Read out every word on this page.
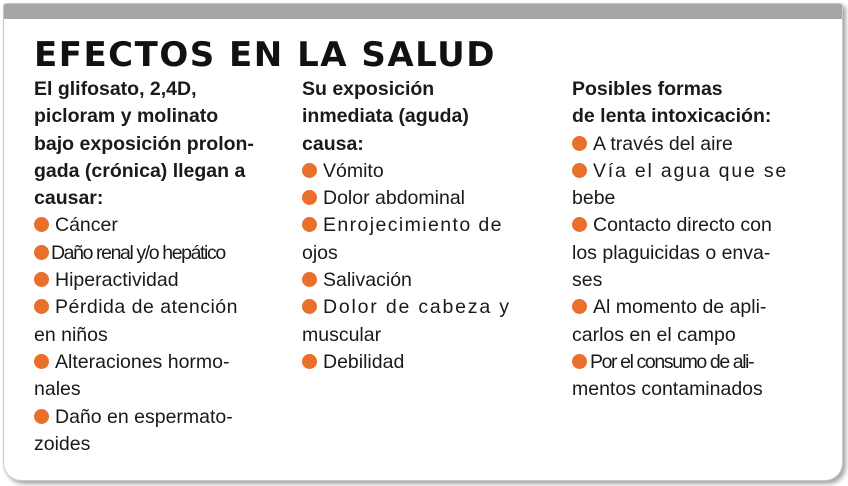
EFECTOS EN LA SALUD
El glifosato, 2,4D,
picloram y molinato
bajo exposición prolon-
gada (crónica) llegan a
causar:
Cáncer
Daño renal y/o hepático
Hiperactividad
Pérdida de atención
en niños
Alteraciones hormo-
nales
Daño en espermato-
zoides
Su exposición
inmediata (aguda)
causa:
Vómito
Dolor abdominal
Enrojecimiento de
ojos
Salivación
Dolor de cabeza y
muscular
Debilidad
Posibles formas
de lenta intoxicación:
A través del aire
Vía el agua que se
bebe
Contacto directo con
los plaguicidas o enva-
ses
Al momento de apli-
carlos en el campo
Por el consumo de ali-
mentos contaminados
